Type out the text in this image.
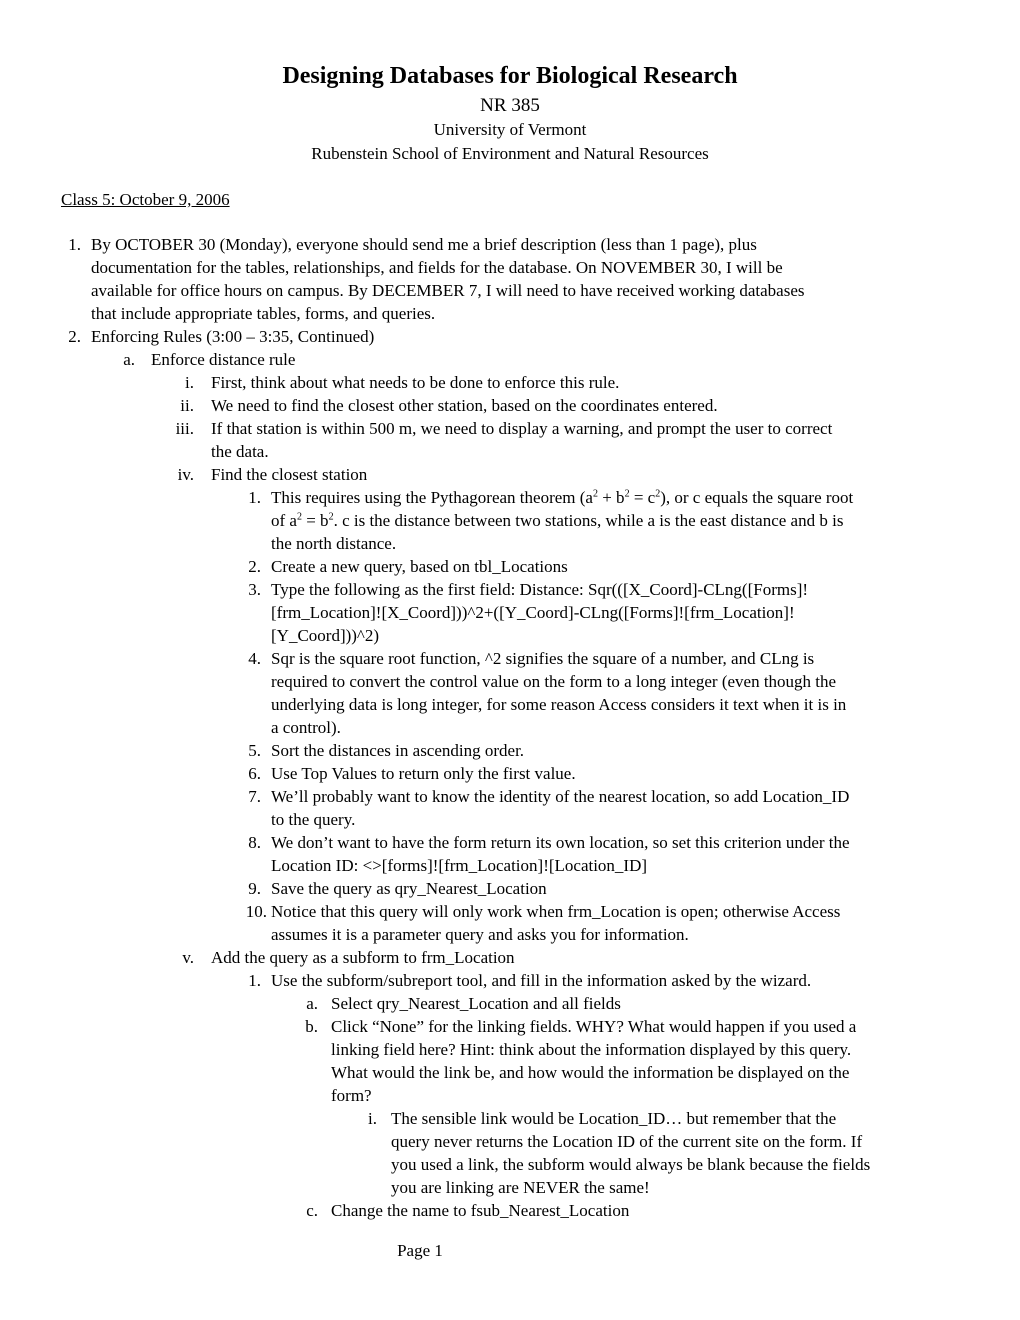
Designing Databases for Biological Research
NR 385
University of Vermont
Rubenstein School of Environment and Natural Resources
Class 5: October 9, 2006
1. By OCTOBER 30 (Monday), everyone should send me a brief description (less than 1 page), plus
documentation for the tables, relationships, and fields for the database. On NOVEMBER 30, I will be
available for office hours on campus. By DECEMBER 7, I will need to have received working databases
that include appropriate tables, forms, and queries.
2. Enforcing Rules (3:00 – 3:35, Continued)
a. Enforce distance rule
i. First, think about what needs to be done to enforce this rule.
ii. We need to find the closest other station, based on the coordinates entered.
iii. If that station is within 500 m, we need to display a warning, and prompt the user to correct
the data.
iv. Find the closest station
1. This requires using the Pythagorean theorem $(a^2 + b^2 = c^2)$, or c equals the square root
of $a^2 = b^2$. c is the distance between two stations, while a is the east distance and b is
the north distance.
2. Create a new query, based on tbl_Locations
3. Type the following as the first field: Distance: Sqr(([X_Coord]-CLng([Forms]!
[frm_Location]![X_Coord]))^2+([Y_Coord]-CLng([Forms]![frm_Location]!
[Y_Coord]))^2)
4. Sqr is the square root function, ^2 signifies the square of a number, and CLng is
required to convert the control value on the form to a long integer (even though the
underlying data is long integer, for some reason Access considers it text when it is in
a control).
5. Sort the distances in ascending order.
6. Use Top Values to return only the first value.
7. We’ll probably want to know the identity of the nearest location, so add Location_ID
to the query.
8. We don’t want to have the form return its own location, so set this criterion under the
Location ID: <>[forms]![frm_Location]![Location_ID]
9. Save the query as qry_Nearest_Location
10. Notice that this query will only work when frm_Location is open; otherwise Access
assumes it is a parameter query and asks you for information.
v. Add the query as a subform to frm_Location
1. Use the subform/subreport tool, and fill in the information asked by the wizard.
a. Select qry_Nearest_Location and all fields
b. Click “None” for the linking fields. WHY? What would happen if you used a
linking field here? Hint: think about the information displayed by this query.
What would the link be, and how would the information be displayed on the
form?
i. The sensible link would be Location_ID… but remember that the
query never returns the Location ID of the current site on the form. If
you used a link, the subform would always be blank because the fields
you are linking are NEVER the same!
c. Change the name to fsub_Nearest_Location
Page 1
